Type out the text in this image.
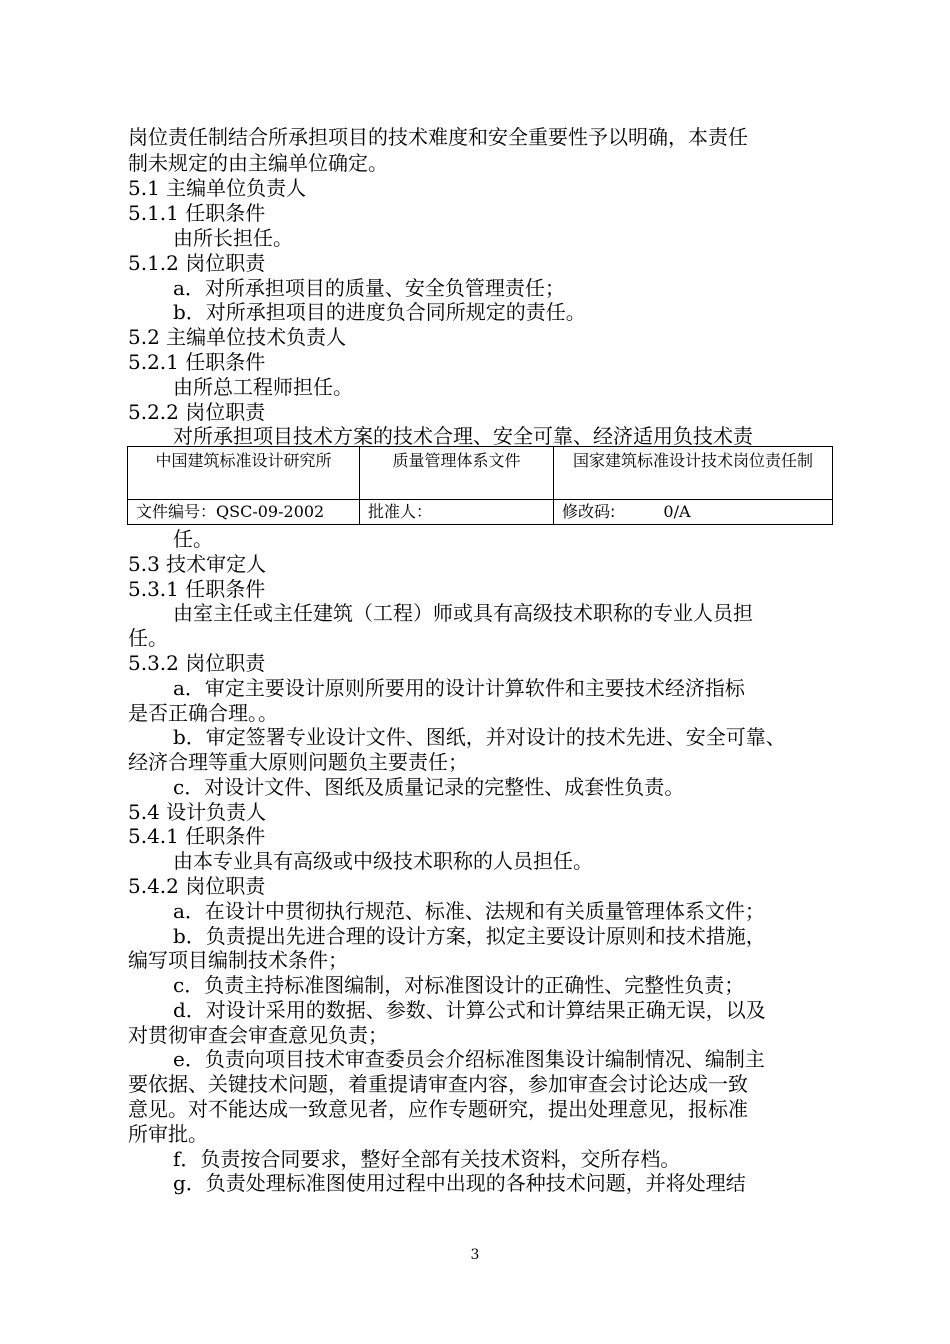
岗位责任制结合所承担项目的技术难度和安全重要性予以明确，本责任
制未规定的由主编单位确定。
5.1 主编单位负责人
5.1.1 任职条件
由所长担任。
5.1.2 岗位职责
a．对所承担项目的质量、安全负管理责任；
b．对所承担项目的进度负合同所规定的责任。
5.2 主编单位技术负责人
5.2.1 任职条件
由所总工程师担任。
5.2.2 岗位职责
对所承担项目技术方案的技术合理、安全可靠、经济适用负技术责
中国建筑标准设计研究所	质量管理体系文件	国家建筑标准设计技术岗位责任制
文件编号：QSC-09-2002	批准人：	修改码: 0/A
任。
5.3 技术审定人
5.3.1 任职条件
由室主任或主任建筑（工程）师或具有高级技术职称的专业人员担
任。
5.3.2 岗位职责
a．审定主要设计原则所要用的设计计算软件和主要技术经济指标
是否正确合理。。
b．审定签署专业设计文件、图纸，并对设计的技术先进、安全可靠、
经济合理等重大原则问题负主要责任；
c．对设计文件、图纸及质量记录的完整性、成套性负责。
5.4 设计负责人
5.4.1 任职条件
由本专业具有高级或中级技术职称的人员担任。
5.4.2 岗位职责
a．在设计中贯彻执行规范、标准、法规和有关质量管理体系文件；
b．负责提出先进合理的设计方案，拟定主要设计原则和技术措施，
编写项目编制技术条件；
c．负责主持标准图编制，对标准图设计的正确性、完整性负责；
d．对设计采用的数据、参数、计算公式和计算结果正确无误，以及
对贯彻审查会审查意见负责；
e．负责向项目技术审查委员会介绍标准图集设计编制情况、编制主
要依据、关键技术问题，着重提请审查内容，参加审查会讨论达成一致
意见。对不能达成一致意见者，应作专题研究，提出处理意见，报标准
所审批。
f．负责按合同要求，整好全部有关技术资料，交所存档。
g．负责处理标准图使用过程中出现的各种技术问题，并将处理结
3
